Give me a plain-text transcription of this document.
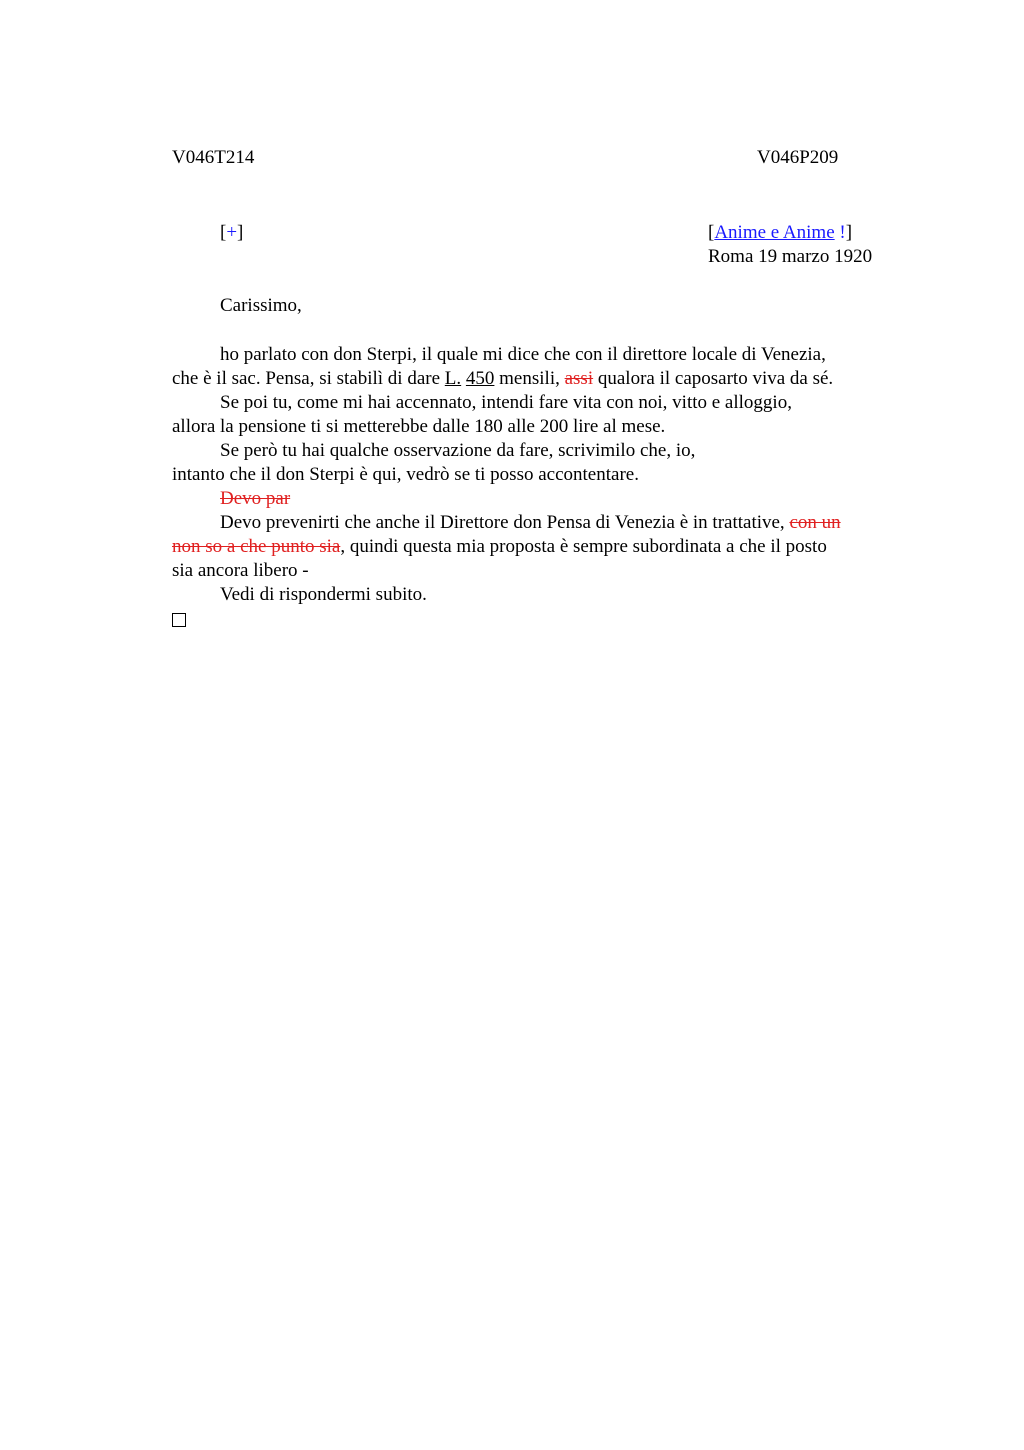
V046T214	V046P209
[+]	[Anime e Anime !]
Roma 19 marzo 1920
Carissimo,

ho parlato con don Sterpi, il quale mi dice che con il direttore locale di Venezia,

che è il sac. Pensa, si stabilì di dare L. 450 mensili, assi qualora il caposarto viva da sé.

Se poi tu, come mi hai accennato, intendi fare vita con noi, vitto e alloggio,

allora la pensione ti si metterebbe dalle 180 alle 200 lire al mese.

Se però tu hai qualche osservazione da fare, scrivimilo che, io,

intanto che il don Sterpi è qui, vedrò se ti posso accontentare.

Devo par

Devo prevenirti che anche il Direttore don Pensa di Venezia è in trattative, con un

non so a che punto sia, quindi questa mia proposta è sempre subordinata a che il posto

sia ancora libero -

Vedi di rispondermi subito.
